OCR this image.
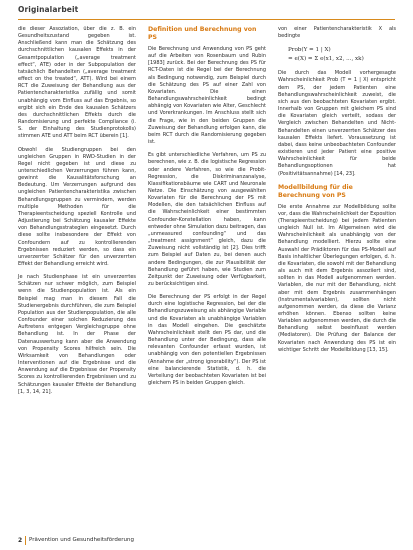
Originalarbeit

die dieser Assoziation, über die z. B. ein Gesundheitszustand gegeben ist. Anschließend kann man die Schätzung des durchschnittlichen kausalen Effekts in der Gesamtpopulation („average treatment effect“, ATE) oder in der Subpopulation der tatsächlich Behandelten („average treatment effect on the treated“, ATT). Wird bei einem RCT die Zuweisung der Behandlung aus der Patientencharakteristika zufällig und somit unabhängig vom Einfluss auf das Ergebnis, so ergibt sich ein Ende des kausalen Schätzers des durchschnittlichen Effekts durch die Randomisierung und perfekte Compliance (i. S. der Einhaltung des Studienprotokolls) stimmen ATE und ATT beim RCT überein [1].

Obwohl die Studiengruppen bei den ungleichen Gruppen in RWD-Studien in der Regel nicht gegeben ist und diese zu unterschiedlichen Verzerrungen führen kann, gewinnt die Kausalitätsforschung an Bedeutung. Um Verzerrungen aufgrund des ungleichen Patientencharakteristika zwischen Behandlungsgruppen zu vermindern, werden multiple Methoden für die Therapieentscheidung speziell Kontrolle und Adjustierung bei Schätzung kausaler Effekte von Behandlungsstrategien eingesetzt. Durch diese sollte insbesondere der Effekt von Confoundern auf zu kontrollierenden Ergebnissen reduziert werden, so dass ein unverzerrter Schätzer für den unverzerrten Effekt der Behandlung erreicht wird.

Je nach Studienphase ist ein unverzerrtes Schätzen nur schwer möglich, zum Beispiel wenn die Studienpopulation ist. Als ein Beispiel mag man in diesem Fall die Studienergebnis durchführen, die zum Beispiel Population aus der Studienpopulation, die alle Confounder einer solchen Reduzierung des Auftretens entgegen Vergleichsgruppe ohne Behandlung ist. In der Phase der Datenauswertung kann aber die Anwendung von Propensity Scores hilfreich sein. Die Wirksamkeit von Behandlungen oder Interventionen auf die Ergebnisse und die Anwendung auf die Ergebnisse der Propensity Scores zu kontrollierenden Ergebnissen und zu Schätzungen kausaler Effekte der Behandlung [1, 3, 14, 21].

Definition und Berechnung von PS

Die Berechnung und Anwendung von PS geht auf die Arbeiten von Rosenbaum und Rubin [1983] zurück. Bei der Berechnung des PS für RCT-Daten ist die Regel bei der Berechnung als Bedingung notwendig, zum Beispiel durch die Schätzung des PS auf einer Zahl von Kovariaten. Die einen Behandlungswahrscheinlichkeit bedingt abhängig von Kovariaten wie Alter, Geschlecht und Vorerkrankungen. Im Anschluss stellt sich die Frage, wie in den beiden Gruppen die Zuweisung der Behandlung erfolgen kann, die beim RCT durch die Randomisierung gegeben ist.

Es gibt unterschiedliche Verfahren, um PS zu berechnen, wie z. B. die logistische Regression oder andere Verfahren, so wie die Probit-Regression, die Diskriminanzanalyse, Klassifikationsbäume wie CART und Neuronale Netze. Die Einschätzung von ausgewählten Kovariaten für die Berechnung der PS mit Modellen, die den tatsächlichen Einfluss auf die Wahrscheinlichkeit einer bestimmten Confounder-Konstellation haben, kann entweder ohne Simulation dazu beitragen, das „unmeasured confounding“ und das „treatment assignment“ gleich, dazu die Zuweisung nicht vollständig ist [2]. Dies trifft zum Beispiel auf Daten zu, bei denen auch andere Bedingungen, die zur Plausibilität der Behandlung geführt haben, wie Studien zum Zeitpunkt der Zuweisung oder Verfügbarkeit, zu berücksichtigen sind.

Die Berechnung der PS erfolgt in der Regel durch eine logistische Regression, bei der die Behandlungszuweisung als abhängige Variable und die Kovariaten als unabhängige Variablen in das Modell eingehen. Die geschätzte Wahrscheinlichkeit stellt den PS dar, und die Behandlung unter der Bedingung, dass alle relevanten Confounder erfasst wurden, ist unabhängig von den potentiellen Ergebnissen (Annahme der „strong ignorability“). Der PS ist eine balancierende Statistik, d. h. die Verteilung der beobachteten Kovariaten ist bei gleichem PS in beiden Gruppen gleich.

von einer Patientencharakteristik X als bedingte

Prob(Y = 1 | X)
= e(X) = Σ e(x1, x2, ..., xk)

Die durch das Modell vorhergesagte Wahrscheinlichkeit Prob (T = 1 | X) entspricht dem PS, der jedem Patienten eine Behandlungswahrscheinlichkeit zuweist, die sich aus den beobachteten Kovariaten ergibt. Innerhalb von Gruppen mit gleichem PS sind die Kovariaten gleich verteilt, sodass der Vergleich zwischen Behandelten und Nicht-Behandelten einen unverzerrten Schätzer des kausalen Effekts liefert. Voraussetzung ist dabei, dass keine unbeobachteten Confounder existieren und jeder Patient eine positive Wahrscheinlichkeit für beide Behandlungsoptionen hat (Positivitätsannahme) [14, 23].

Modellbildung für die Berechnung von PS

Die erste Annahme zur Modellbildung sollte vor, dass die Wahrscheinlichkeit der Exposition (Therapieentscheidung) bei jedem Patienten ungleich Null ist. Im Allgemeinen wird die Wahrscheinlichkeit als unabhängig von der Behandlung modelliert. Hierzu sollte eine Auswahl der Prädiktoren für das PS-Modell auf Basis inhaltlicher Überlegungen erfolgen, d. h. die Kovariaten, die sowohl mit der Behandlung als auch mit dem Ergebnis assoziiert sind, sollten in das Modell aufgenommen werden. Variablen, die nur mit der Behandlung, nicht aber mit dem Ergebnis zusammenhängen (Instrumentalvariablen), sollten nicht aufgenommen werden, da diese die Varianz erhöhen können. Ebenso sollten keine Variablen aufgenommen werden, die durch die Behandlung selbst beeinflusst werden (Mediatoren). Die Prüfung der Balance der Kovariaten nach Anwendung des PS ist ein wichtiger Schritt der Modellbildung [13, 15].

2 Prävention und Gesundheitsförderung
